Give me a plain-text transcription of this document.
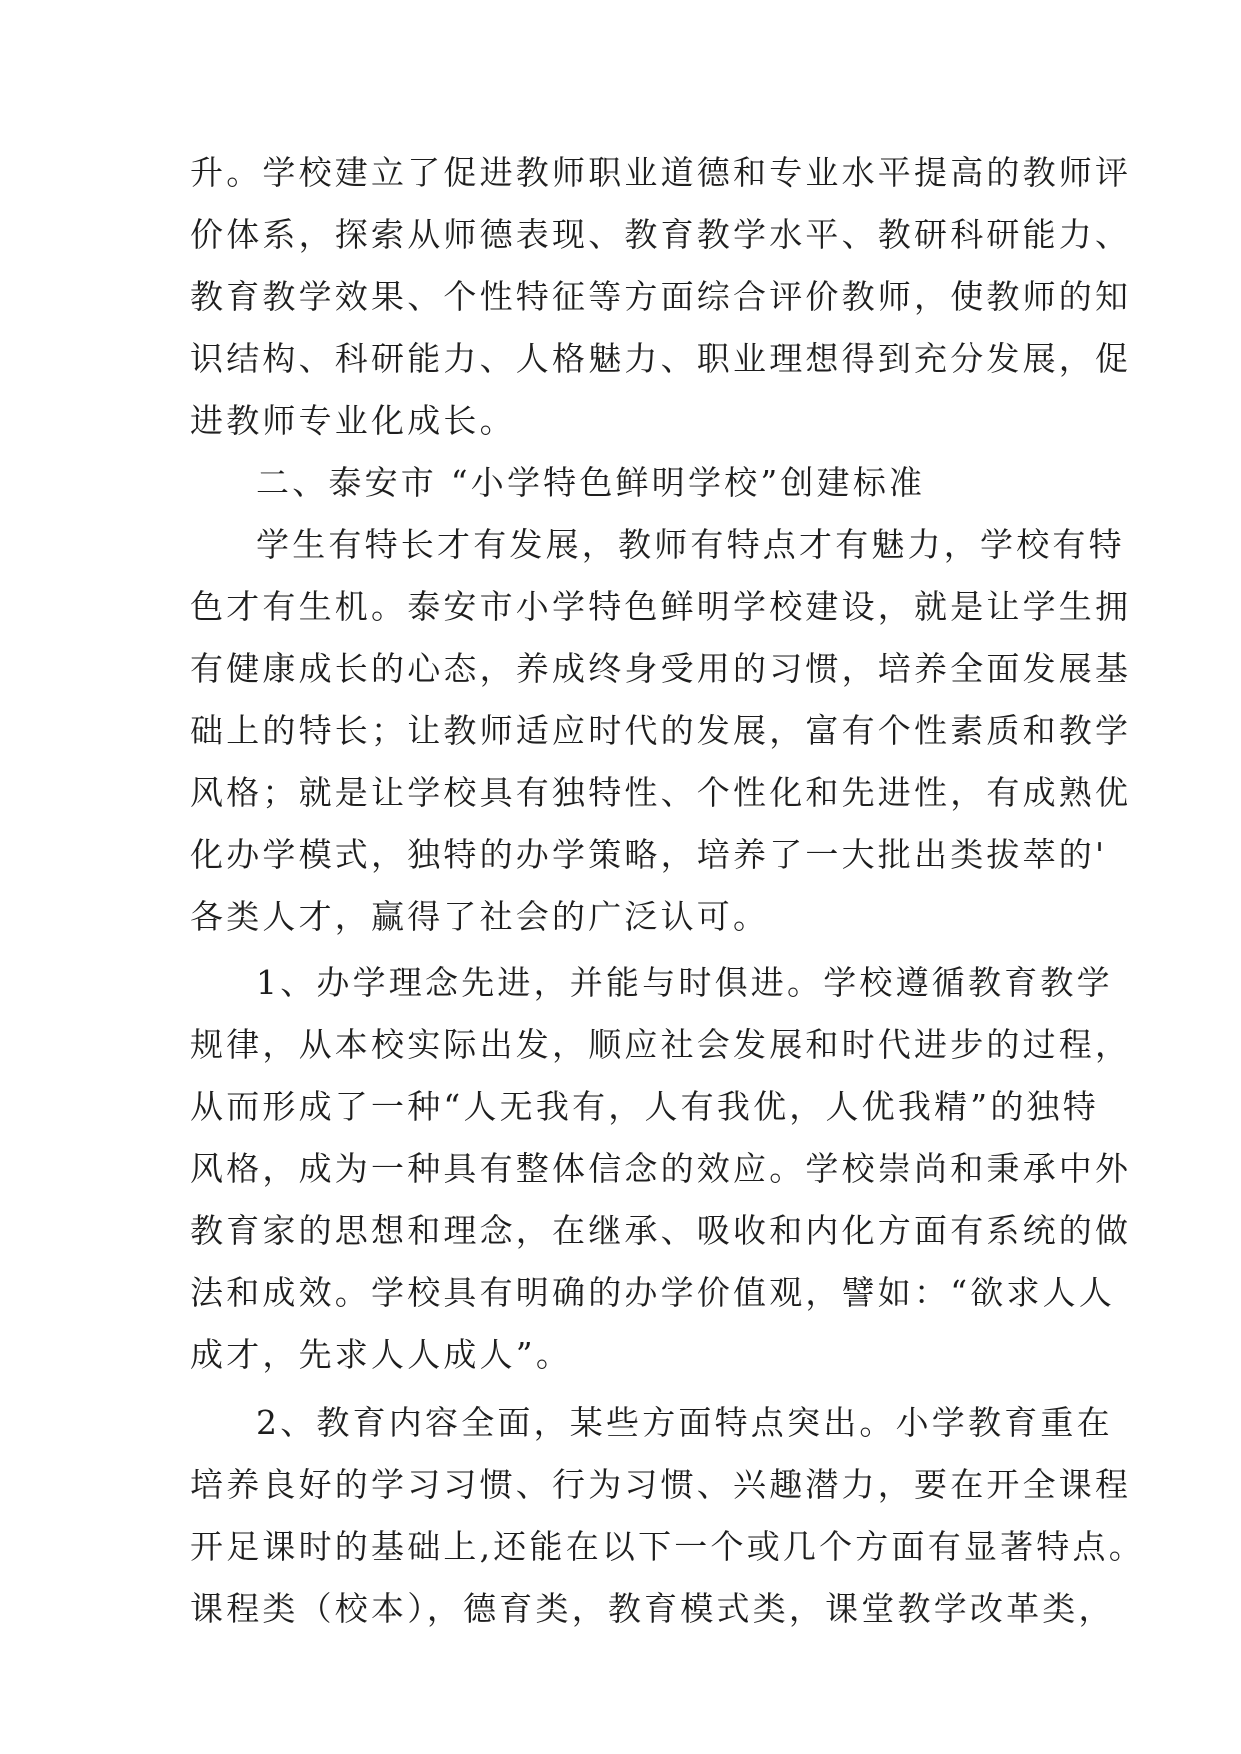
升。学校建立了促进教师职业道德和专业水平提高的教师评
价体系，探索从师德表现、教育教学水平、教研科研能力、
教育教学效果、个性特征等方面综合评价教师，使教师的知
识结构、科研能力、人格魅力、职业理想得到充分发展，促
进教师专业化成长。
二、泰安市 “小学特色鲜明学校”创建标准
学生有特长才有发展，教师有特点才有魅力，学校有特
色才有生机。泰安市小学特色鲜明学校建设，就是让学生拥
有健康成长的心态，养成终身受用的习惯，培养全面发展基
础上的特长；让教师适应时代的发展，富有个性素质和教学
风格；就是让学校具有独特性、个性化和先进性，有成熟优
化办学模式，独特的办学策略，培养了一大批出类拔萃的'
各类人才，赢得了社会的广泛认可。
1、办学理念先进，并能与时俱进。学校遵循教育教学
规律，从本校实际出发，顺应社会发展和时代进步的过程，
从而形成了一种“人无我有，人有我优，人优我精”的独特
风格，成为一种具有整体信念的效应。学校崇尚和秉承中外
教育家的思想和理念，在继承、吸收和内化方面有系统的做
法和成效。学校具有明确的办学价值观，譬如：“欲求人人
成才，先求人人成人”。
2、教育内容全面，某些方面特点突出。小学教育重在
培养良好的学习习惯、行为习惯、兴趣潜力，要在开全课程
开足课时的基础上,还能在以下一个或几个方面有显著特点。
课程类（校本），德育类，教育模式类，课堂教学改革类，
